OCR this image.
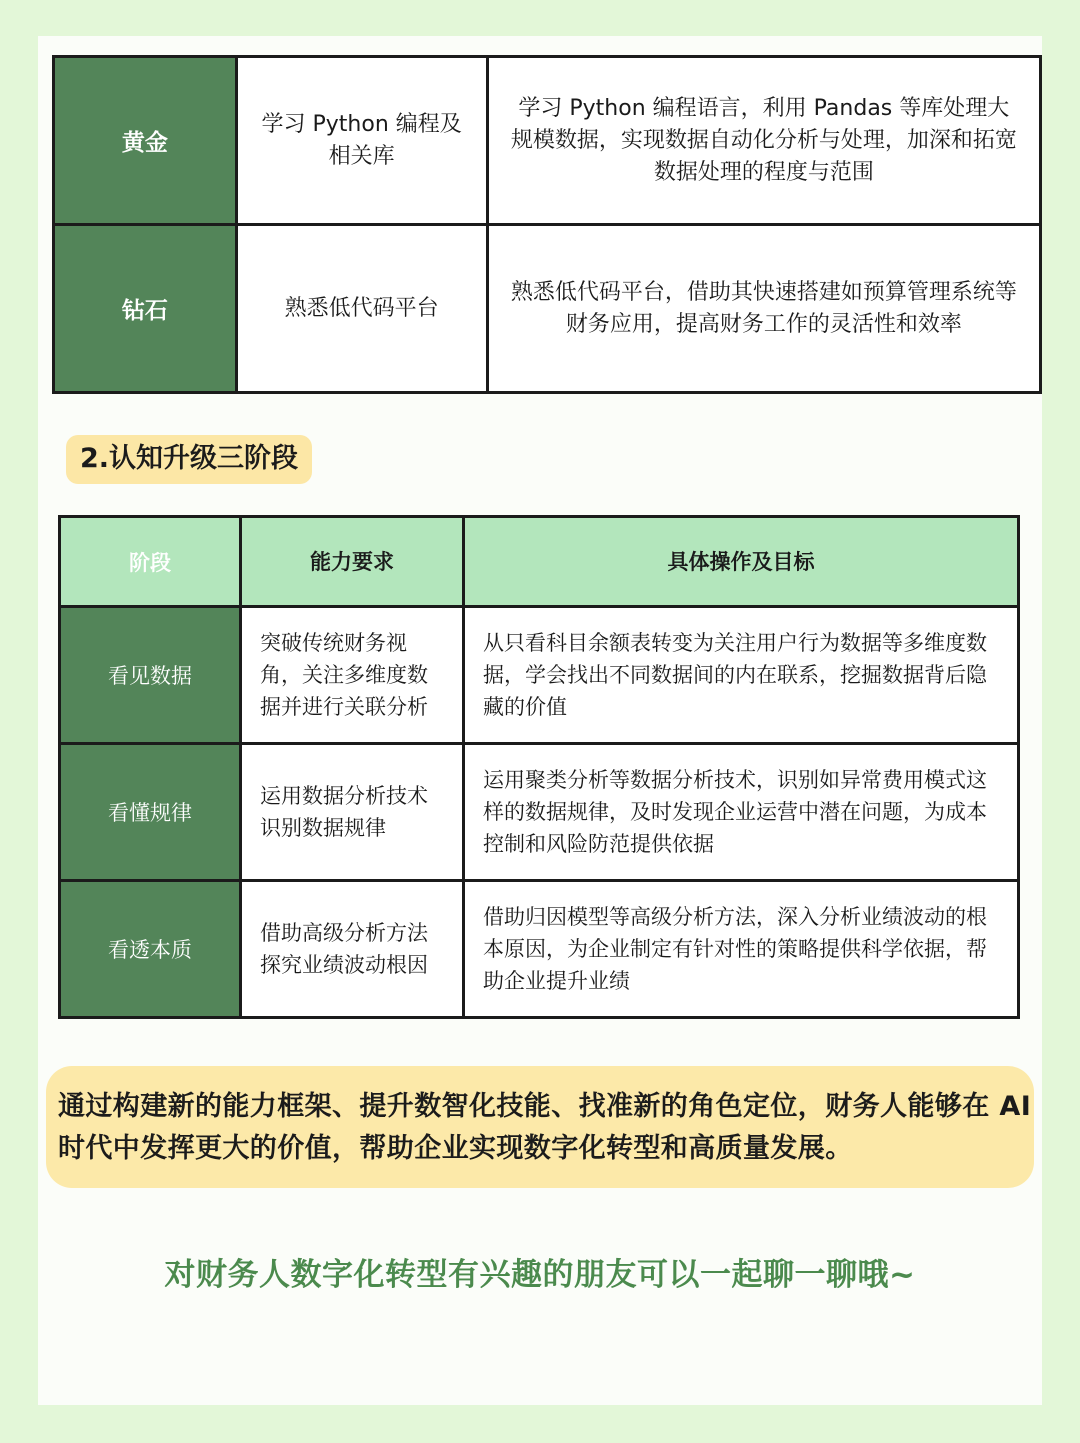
黄金	学习 Python 编程及相关库	学习 Python 编程语言，利用 Pandas 等库处理大规模数据，实现数据自动化分析与处理，加深和拓宽数据处理的程度与范围
钻石	熟悉低代码平台	熟悉低代码平台，借助其快速搭建如预算管理系统等财务应用，提高财务工作的灵活性和效率
2.认知升级三阶段
阶段	能力要求	具体操作及目标
看见数据	突破传统财务视角，关注多维度数据并进行关联分析	从只看科目余额表转变为关注用户行为数据等多维度数据，学会找出不同数据间的内在联系，挖掘数据背后隐藏的价值
看懂规律	运用数据分析技术识别数据规律	运用聚类分析等数据分析技术，识别如异常费用模式这样的数据规律，及时发现企业运营中潜在问题，为成本控制和风险防范提供依据
看透本质	借助高级分析方法探究业绩波动根因	借助归因模型等高级分析方法，深入分析业绩波动的根本原因，为企业制定有针对性的策略提供科学依据，帮助企业提升业绩
通过构建新的能力框架、提升数智化技能、找准新的角色定位，财务人能够在 AI 时代中发挥更大的价值，帮助企业实现数字化转型和高质量发展。
对财务人数字化转型有兴趣的朋友可以一起聊一聊哦~
